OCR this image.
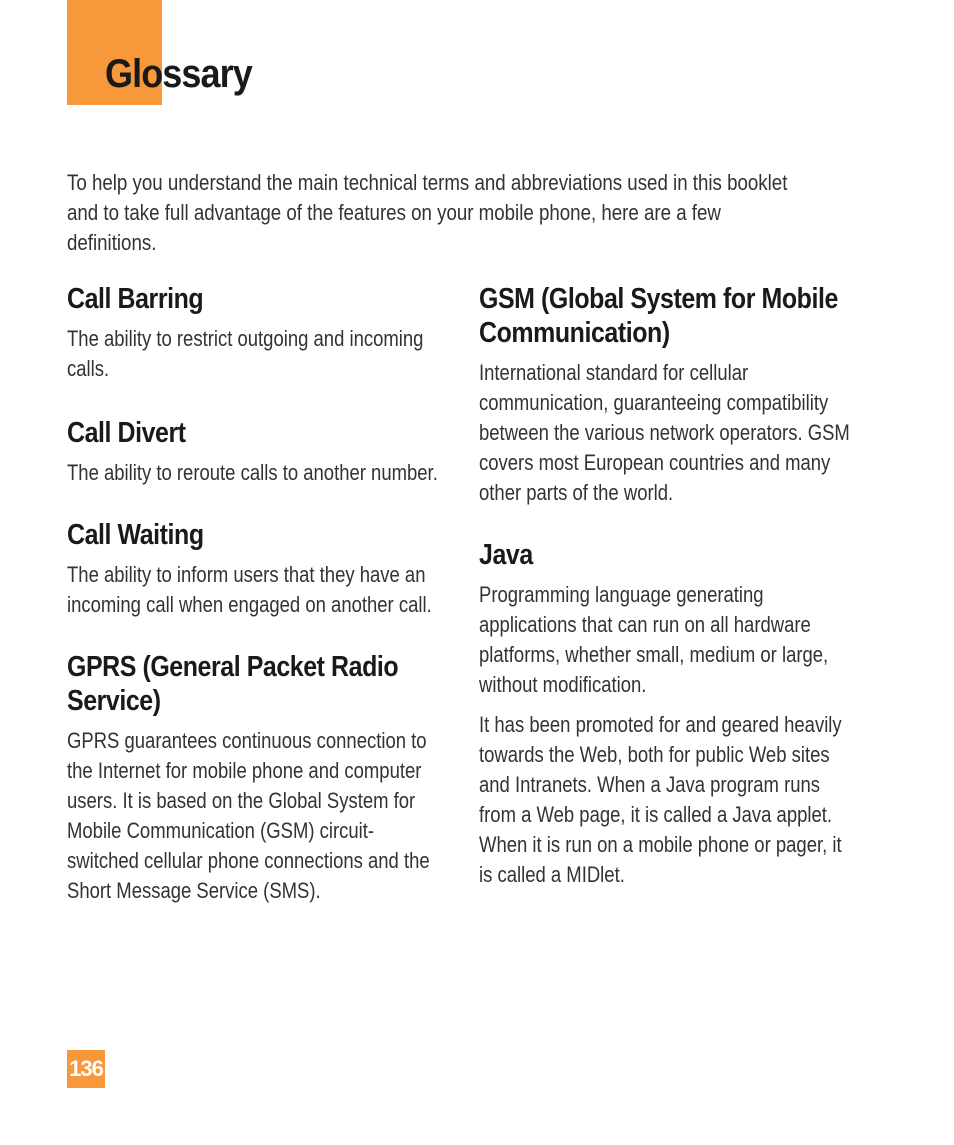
Glossary

To help you understand the main technical terms and abbreviations used in this booklet and to take full advantage of the features on your mobile phone, here are a few definitions.

Call Barring

The ability to restrict outgoing and incoming calls.

Call Divert

The ability to reroute calls to another number.

Call Waiting

The ability to inform users that they have an incoming call when engaged on another call.

GPRS (General Packet Radio Service)

GPRS guarantees continuous connection to the Internet for mobile phone and computer users. It is based on the Global System for Mobile Communication (GSM) circuit-switched cellular phone connections and the Short Message Service (SMS).

GSM (Global System for Mobile Communication)

International standard for cellular communication, guaranteeing compatibility between the various network operators. GSM covers most European countries and many other parts of the world.

Java

Programming language generating applications that can run on all hardware platforms, whether small, medium or large, without modification.

It has been promoted for and geared heavily towards the Web, both for public Web sites and Intranets. When a Java program runs from a Web page, it is called a Java applet. When it is run on a mobile phone or pager, it is called a MIDlet.

136
